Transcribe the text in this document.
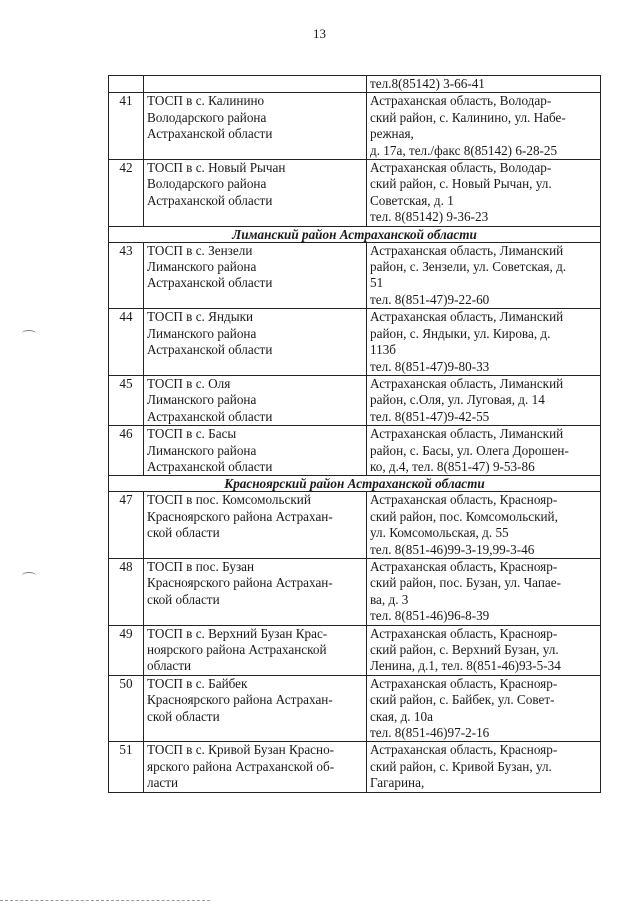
13

		тел.8(85142) 3-66-41

41	ТОСП в с. Калинино
Володарского района
Астраханской области	Астраханская область, Володар-
ский район, с. Калинино, ул. Набе-
режная,
д. 17а, тел./факс 8(85142) 6-28-25

42	ТОСП в с. Новый Рычан
Володарского района
Астраханской области	Астраханская область, Володар-
ский район, с. Новый Рычан, ул.
Советская, д. 1
тел. 8(85142) 9-36-23

Лиманский район Астраханской области		
43	ТОСП в с. Зензели
Лиманского района
Астраханской области	Астраханская область, Лиманский
район, с. Зензели, ул. Советская, д.
51
тел. 8(851-47)9-22-60

44	ТОСП в с. Яндыки
Лиманского района
Астраханской области	Астраханская область, Лиманский
район, с. Яндыки, ул. Кирова, д.
113б
тел. 8(851-47)9-80-33

45	ТОСП в с. Оля
Лиманского района
Астраханской области	Астраханская область, Лиманский
район, с.Оля, ул. Луговая, д. 14
тел. 8(851-47)9-42-55

46	ТОСП в с. Басы
Лиманского района
Астраханской области	Астраханская область, Лиманский
район, с. Басы, ул. Олега Дорошен-
ко, д.4, тел. 8(851-47) 9-53-86

Красноярский район Астраханской области		
47	ТОСП в пос. Комсомольский
Красноярского района Астрахан-
ской области	Астраханская область, Краснояр-
ский район, пос. Комсомольский,
ул. Комсомольская, д. 55
тел. 8(851-46)99-3-19,99-3-46

48	ТОСП в пос. Бузан
Красноярского района Астрахан-
ской области	Астраханская область, Краснояр-
ский район, пос. Бузан, ул. Чапае-
ва, д. 3
тел. 8(851-46)96-8-39

49	ТОСП в с. Верхний Бузан Крас-
ноярского района Астраханской
области	Астраханская область, Краснояр-
ский район, с. Верхний Бузан, ул.
Ленина, д.1, тел. 8(851-46)93-5-34

50	ТОСП в с. Байбек
Красноярского района Астрахан-
ской области	Астраханская область, Краснояр-
ский район, с. Байбек, ул. Совет-
ская, д. 10а
тел. 8(851-46)97-2-16

51	ТОСП в с. Кривой Бузан Красно-
ярского района Астраханской об-
ласти	Астраханская область, Краснояр-
ский район, с. Кривой Бузан, ул.
Гагарина,
